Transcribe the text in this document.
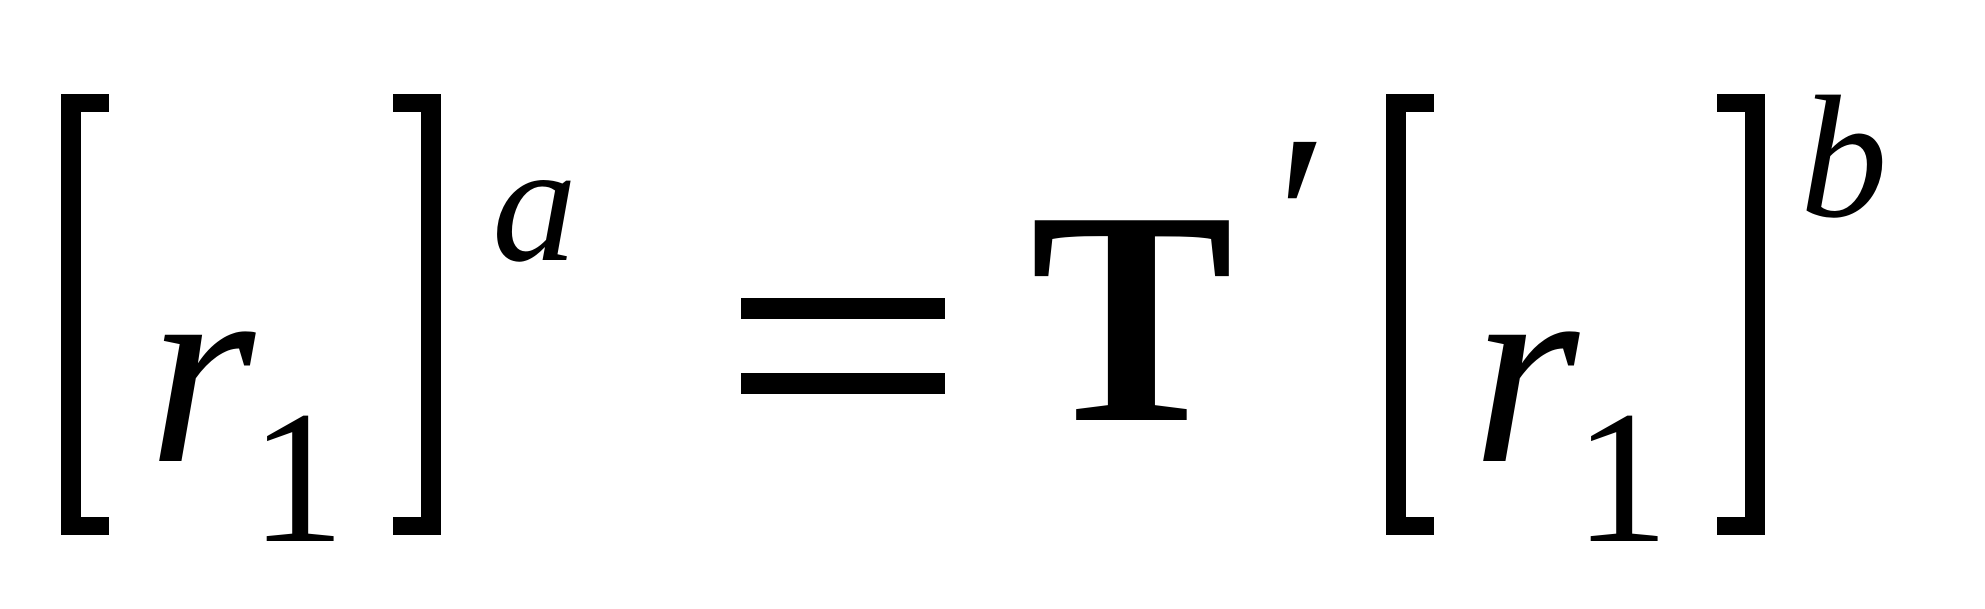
r
1
a T ′ r
1
b
